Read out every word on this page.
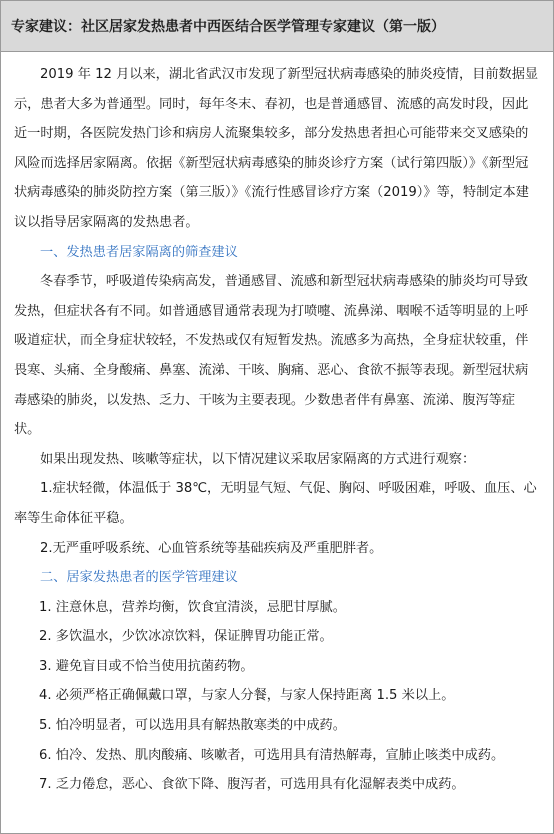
专家建议：社区居家发热患者中西医结合医学管理专家建议（第一版）

2019 年 12 月以来，湖北省武汉市发现了新型冠状病毒感染的肺炎疫情，目前数据显示，患者大多为普通型。同时，每年冬末、春初，也是普通感冒、流感的高发时段，因此近一时期，各医院发热门诊和病房人流聚集较多，部分发热患者担心可能带来交叉感染的风险而选择居家隔离。依据《新型冠状病毒感染的肺炎诊疗方案（试行第四版）》《新型冠状病毒感染的肺炎防控方案（第三版）》《流行性感冒诊疗方案（2019）》等，特制定本建议以指导居家隔离的发热患者。

一、发热患者居家隔离的筛查建议

冬春季节，呼吸道传染病高发，普通感冒、流感和新型冠状病毒感染的肺炎均可导致发热，但症状各有不同。如普通感冒通常表现为打喷嚏、流鼻涕、咽喉不适等明显的上呼吸道症状，而全身症状较轻，不发热或仅有短暂发热。流感多为高热，全身症状较重，伴畏寒、头痛、全身酸痛、鼻塞、流涕、干咳、胸痛、恶心、食欲不振等表现。新型冠状病毒感染的肺炎，以发热、乏力、干咳为主要表现。少数患者伴有鼻塞、流涕、腹泻等症状。

如果出现发热、咳嗽等症状，以下情况建议采取居家隔离的方式进行观察：

1.症状轻微，体温低于 38℃，无明显气短、气促、胸闷、呼吸困难，呼吸、血压、心率等生命体征平稳。

2.无严重呼吸系统、心血管系统等基础疾病及严重肥胖者。

二、居家发热患者的医学管理建议

1. 注意休息，营养均衡，饮食宜清淡，忌肥甘厚腻。

2. 多饮温水，少饮冰凉饮料，保证脾胃功能正常。

3. 避免盲目或不恰当使用抗菌药物。

4. 必须严格正确佩戴口罩，与家人分餐，与家人保持距离 1.5 米以上。

5. 怕冷明显者，可以选用具有解热散寒类的中成药。

6. 怕冷、发热、肌肉酸痛、咳嗽者，可选用具有清热解毒，宣肺止咳类中成药。

7. 乏力倦怠，恶心、食欲下降、腹泻者，可选用具有化湿解表类中成药。
